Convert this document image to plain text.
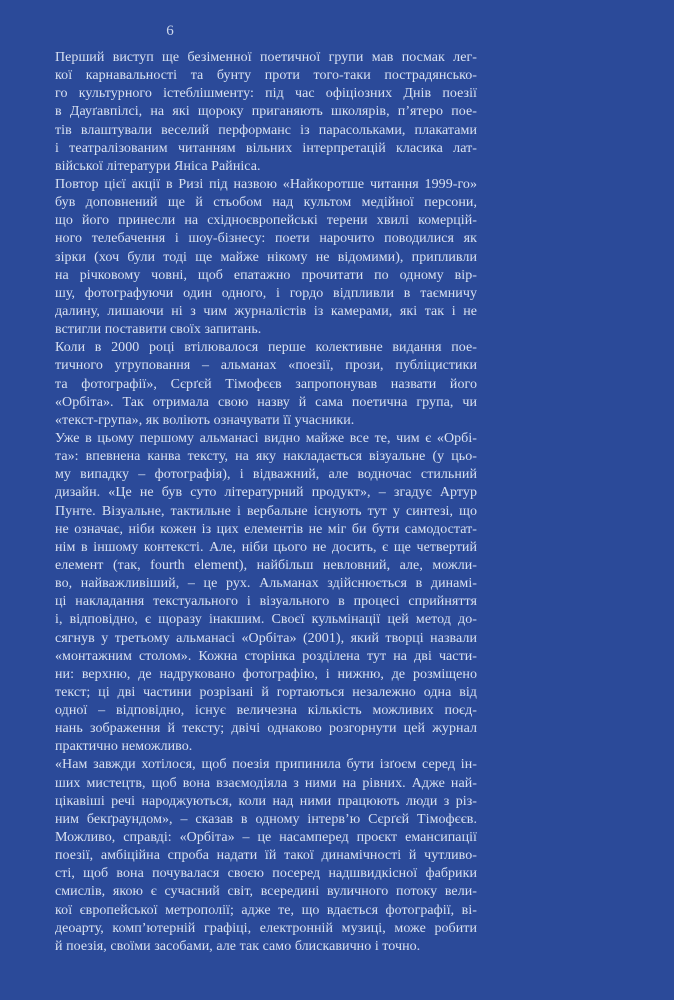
6
Перший виступ ще безіменної поетичної групи мав посмак лег-
кої карнавальності та бунту проти того-таки пострадянсько-
го культурного істеблішменту: під час офіціозних Днів поезії
в Дауґавпілсі, на які щороку приганяють школярів, п’ятеро пое-
тів влаштували веселий перформанс із парасольками, плакатами
і театралізованим читанням вільних інтерпретацій класика лат-
війської літератури Яніса Райніса.
Повтор цієї акції в Ризі під назвою «Найкоротше читання 1999-го»
був доповнений ще й стьобом над культом медійної персони,
що його принесли на східноєвропейські терени хвилі комерцій-
ного телебачення і шоу-бізнесу: поети нарочито поводилися як
зірки (хоч були тоді ще майже нікому не відомими), припливли
на річковому човні, щоб епатажно прочитати по одному вір-
шу, фотографуючи один одного, і гордо відпливли в таємничу
далину, лишаючи ні з чим журналістів із камерами, які так і не
встигли поставити своїх запитань.
Коли в 2000 році втілювалося перше колективне видання пое-
тичного угруповання – альманах «поезії, прози, публіцистики
та фотографії», Сєрґєй Тімофєєв запропонував назвати його
«Орбіта». Так отримала свою назву й сама поетична група, чи
«текст-група», як воліють означувати її учасники.
Уже в цьому першому альманасі видно майже все те, чим є «Орбі-
та»: впевнена канва тексту, на яку накладається візуальне (у цьо-
му випадку – фотографія), і відважний, але водночас стильний
дизайн. «Це не був суто літературний продукт», – згадує Артур
Пунте. Візуальне, тактильне і вербальне існують тут у синтезі, що
не означає, ніби кожен із цих елементів не міг би бути самодостат-
нім в іншому контексті. Але, ніби цього не досить, є ще четвертий
елемент (так, fourth element), найбільш невловний, але, можли-
во, найважливіший, – це рух. Альманах здійснюється в динамі-
ці накладання текстуального і візуального в процесі сприйняття
і, відповідно, є щоразу інакшим. Своєї кульмінації цей метод до-
сягнув у третьому альманасі «Орбіта» (2001), який творці назвали
«монтажним столом». Кожна сторінка розділена тут на дві части-
ни: верхню, де надруковано фотографію, і нижню, де розміщено
текст; ці дві частини розрізані й гортаються незалежно одна від
одної – відповідно, існує величезна кількість можливих поєд-
нань зображення й тексту; двічі однаково розгорнути цей журнал
практично неможливо.
«Нам завжди хотілося, щоб поезія припинила бути ізґоєм серед ін-
ших мистецтв, щоб вона взаємодіяла з ними на рівних. Адже най-
цікавіші речі народжуються, коли над ними працюють люди з різ-
ним бекґраундом», – сказав в одному інтерв’ю Сєрґєй Тімофєєв.
Можливо, справді: «Орбіта» – це насамперед проєкт емансипації
поезії, амбіційна спроба надати їй такої динамічності й чутливо-
сті, щоб вона почувалася своєю посеред надшвидкісної фабрики
смислів, якою є сучасний світ, всередині вуличного потоку вели-
кої європейської метрополії; адже те, що вдається фотографії, ві-
деоарту, комп’ютерній графіці, електронній музиці, може робити
й поезія, своїми засобами, але так само блискавично і точно.
